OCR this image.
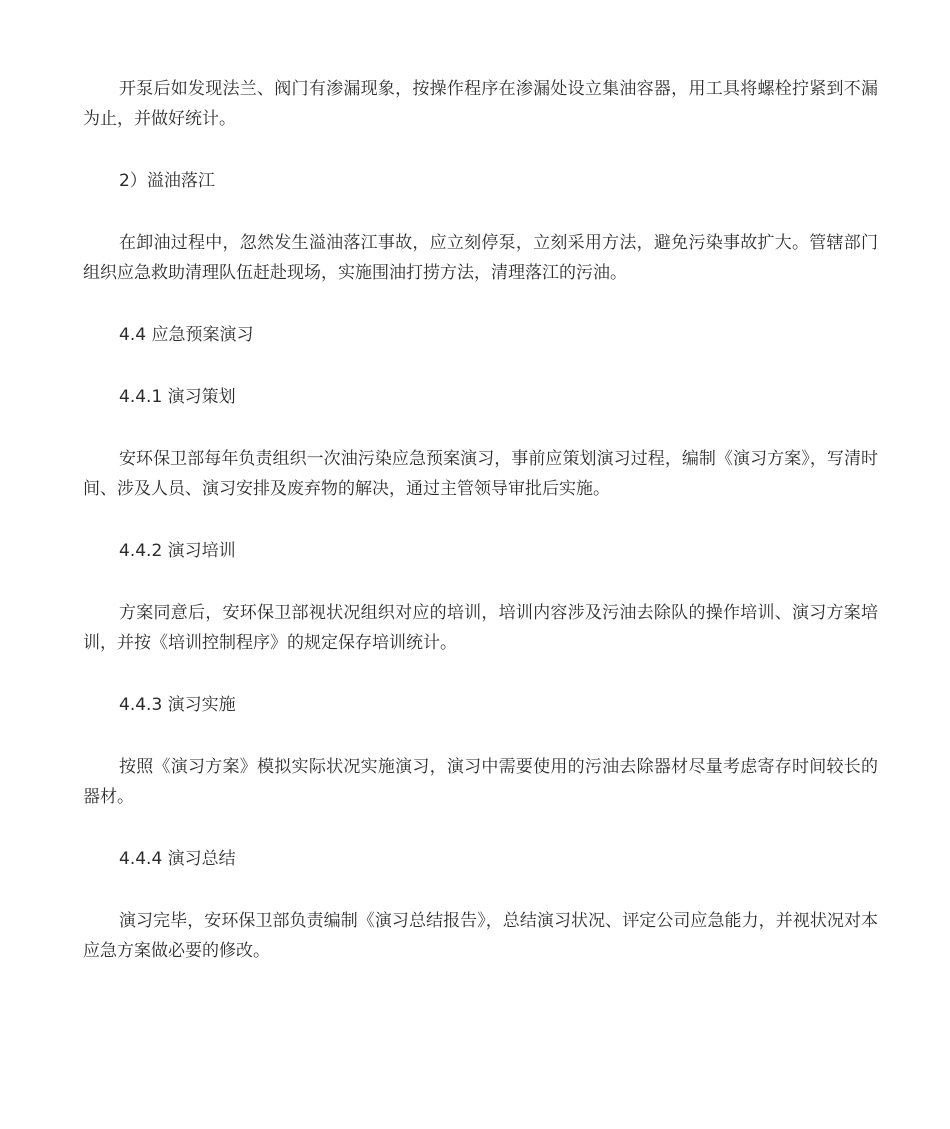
开泵后如发现法兰、阀门有渗漏现象，按操作程序在渗漏处设立集油容器，用工具将螺栓拧紧到不漏为止，并做好统计。

2）溢油落江

在卸油过程中，忽然发生溢油落江事故，应立刻停泵，立刻采用方法，避免污染事故扩大。管辖部门组织应急救助清理队伍赶赴现场，实施围油打捞方法，清理落江的污油。

4.4 应急预案演习

4.4.1 演习策划

安环保卫部每年负责组织一次油污染应急预案演习，事前应策划演习过程，编制《演习方案》，写清时间、涉及人员、演习安排及废弃物的解决，通过主管领导审批后实施。

4.4.2 演习培训

方案同意后，安环保卫部视状况组织对应的培训，培训内容涉及污油去除队的操作培训、演习方案培训，并按《培训控制程序》的规定保存培训统计。

4.4.3 演习实施

按照《演习方案》模拟实际状况实施演习，演习中需要使用的污油去除器材尽量考虑寄存时间较长的器材。

4.4.4 演习总结

演习完毕，安环保卫部负责编制《演习总结报告》，总结演习状况、评定公司应急能力，并视状况对本应急方案做必要的修改。
